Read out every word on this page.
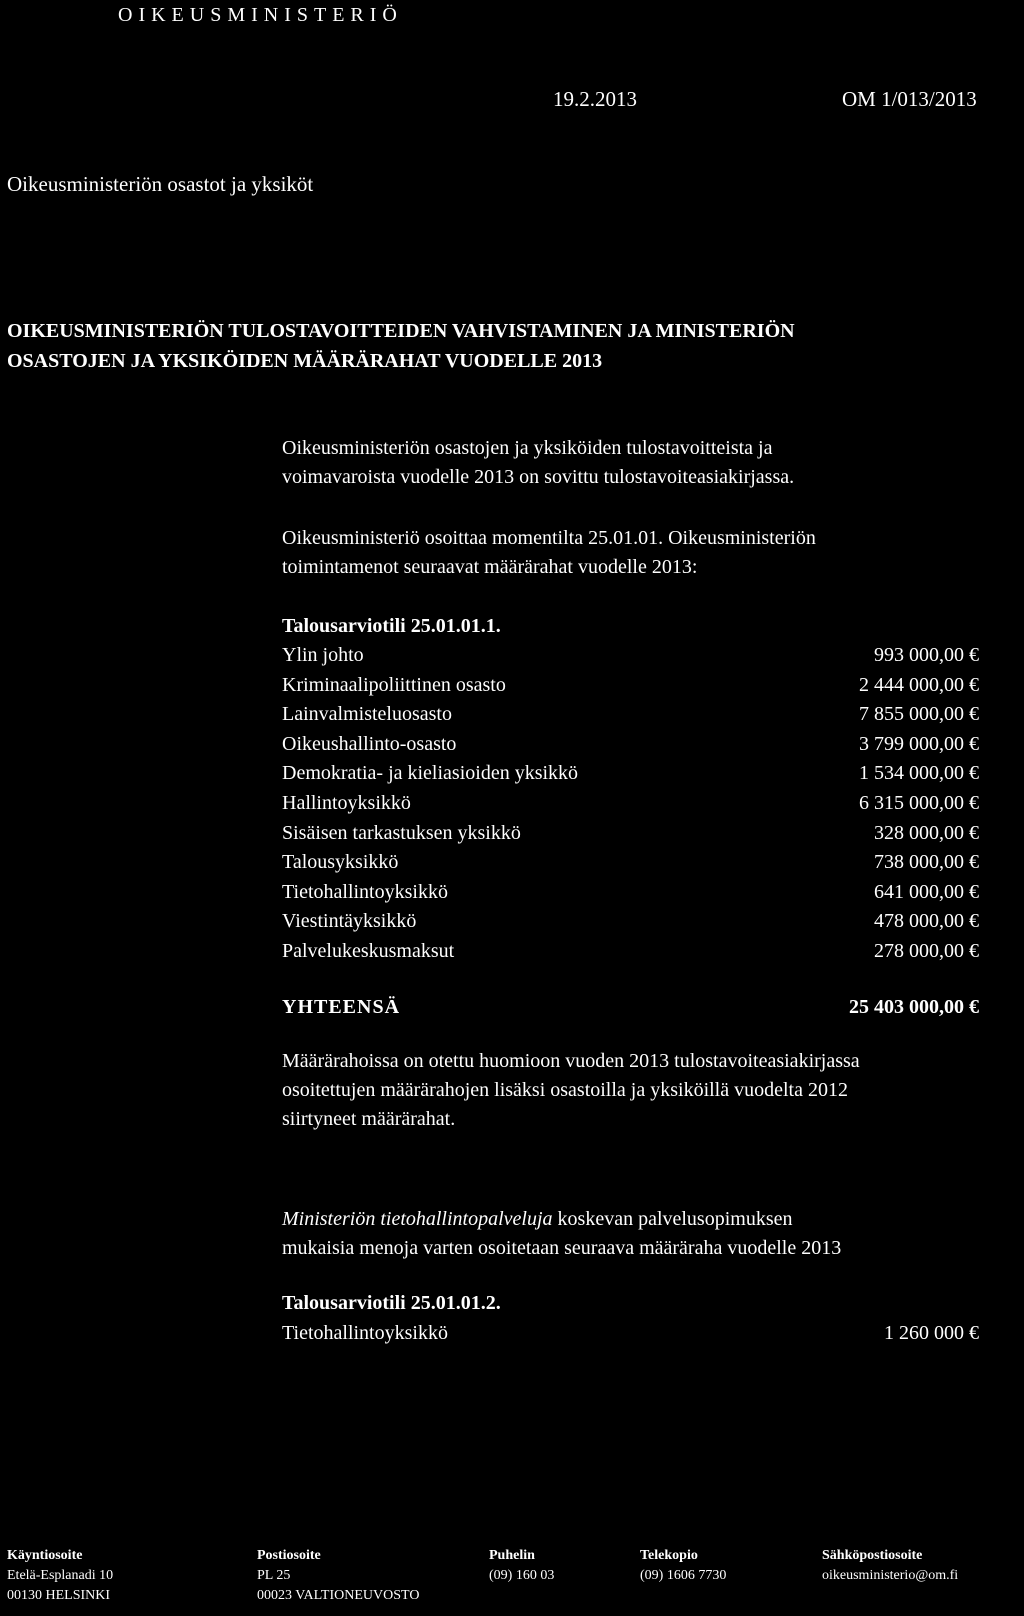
OIKEUSMINISTERIÖ
19.2.2013	OM 1/013/2013
Oikeusministeriön osastot ja yksiköt
OIKEUSMINISTERIÖN TULOSTAVOITTEIDEN VAHVISTAMINEN JA MINISTERIÖN
OSASTOJEN JA YKSIKÖIDEN MÄÄRÄRAHAT VUODELLE 2013
Oikeusministeriön osastojen ja yksiköiden tulostavoitteista ja
voimavaroista vuodelle 2013 on sovittu tulostavoiteasiakirjassa.
Oikeusministeriö osoittaa momentilta 25.01.01. Oikeusministeriön
toimintamenot seuraavat määrärahat vuodelle 2013:
Talousarviotili 25.01.01.1.
Ylin johto	993 000,00 €
Kriminaalipoliittinen osasto	2 444 000,00 €
Lainvalmisteluosasto	7 855 000,00 €
Oikeushallinto-osasto	3 799 000,00 €
Demokratia- ja kieliasioiden yksikkö	1 534 000,00 €
Hallintoyksikkö	6 315 000,00 €
Sisäisen tarkastuksen yksikkö	328 000,00 €
Talousyksikkö	738 000,00 €
Tietohallintoyksikkö	641 000,00 €
Viestintäyksikkö	478 000,00 €
Palvelukeskusmaksut	278 000,00 €
YHTEENSÄ	25 403 000,00 €
Määrärahoissa on otettu huomioon vuoden 2013 tulostavoiteasiakirjassa
osoitettujen määrärahojen lisäksi osastoilla ja yksiköillä vuodelta 2012
siirtyneet määrärahat.
Ministeriön tietohallintopalveluja koskevan palvelusopimuksen
mukaisia menoja varten osoitetaan seuraava määräraha vuodelle 2013
Talousarviotili 25.01.01.2.
Tietohallintoyksikkö	1 260 000 €
Käyntiosoite
Etelä-Esplanadi 10
00130 HELSINKI
Postiosoite
PL 25
00023 VALTIONEUVOSTO
Puhelin
(09) 160 03
Telekopio
(09) 1606 7730
Sähköpostiosoite
oikeusministerio@om.fi
